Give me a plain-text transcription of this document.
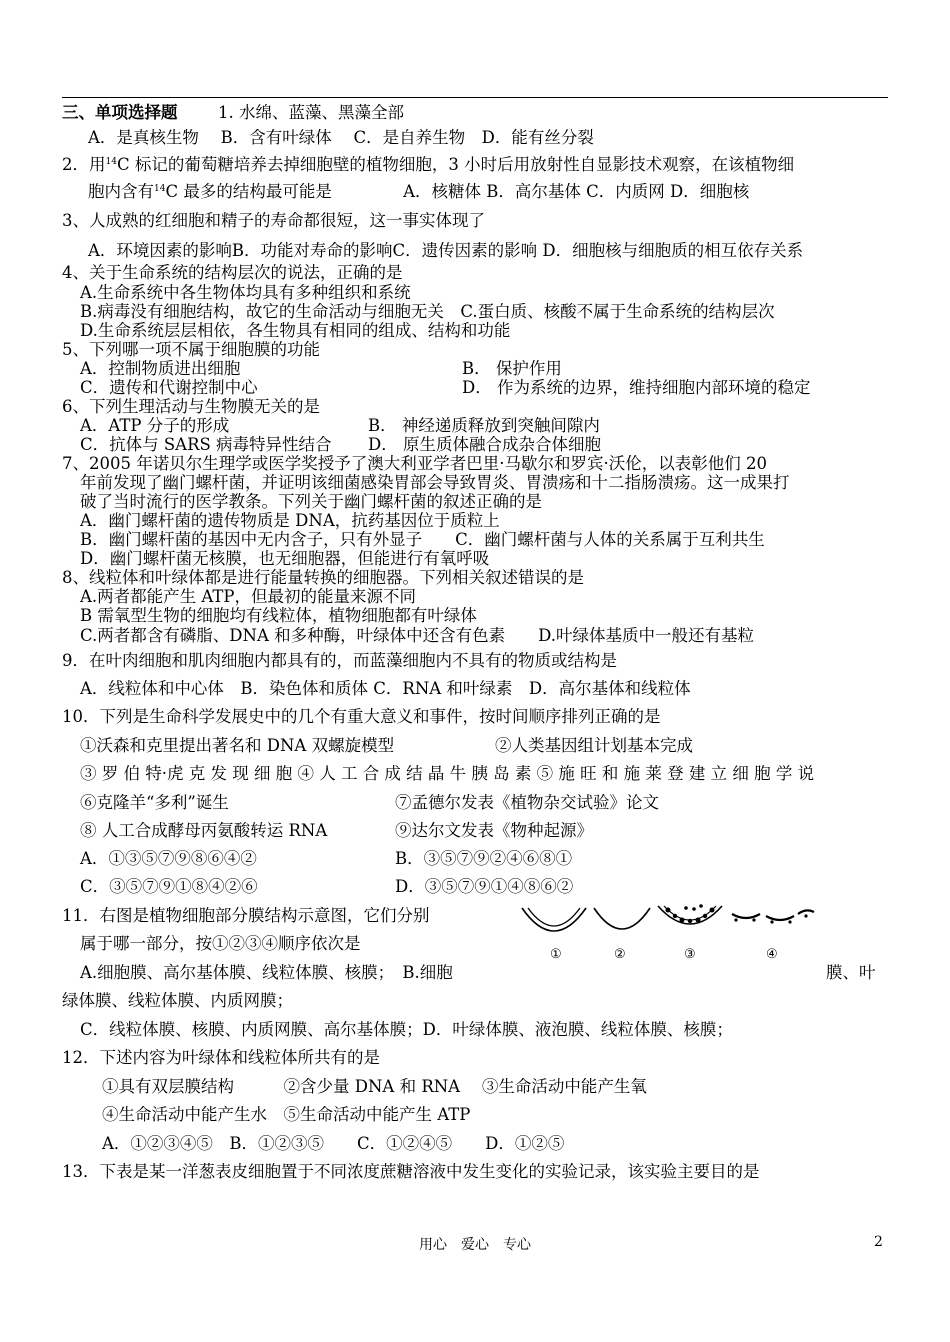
三、单项选择题 1. 水绵、蓝藻、黑藻全部
A．是真核生物　 B．含有叶绿体　 C．是自养生物　D．能有丝分裂
2．用$^{14}$C 标记的葡萄糖培养去掉细胞壁的植物细胞，3 小时后用放射性自显影技术观察，在该植物细
胞内含有$^{14}$C 最多的结构最可能是　　　　 A．核糖体 B．高尔基体 C．内质网 D．细胞核
3、人成熟的红细胞和精子的寿命都很短，这一事实体现了
A．环境因素的影响B．功能对寿命的影响C．遗传因素的影响 D．细胞核与细胞质的相互依存关系
4、关于生命系统的结构层次的说法，正确的是
A.生命系统中各生物体均具有多种组织和系统
B.病毒没有细胞结构，故它的生命活动与细胞无关　C.蛋白质、核酸不属于生命系统的结构层次
D.生命系统层层相依，各生物具有相同的组成、结构和功能
5、下列哪一项不属于细胞膜的功能
A．控制物质进出细胞	B． 保护作用
C．遗传和代谢控制中心	D． 作为系统的边界，维持细胞内部环境的稳定
6、下列生理活动与生物膜无关的是
A．ATP 分子的形成	B． 神经递质释放到突触间隙内
C．抗体与 SARS 病毒特异性结合 D． 原生质体融合成杂合体细胞
7、2005 年诺贝尔生理学或医学奖授予了澳大利亚学者巴里·马歇尔和罗宾·沃伦，以表彰他们 20
年前发现了幽门螺杆菌，并证明该细菌感染胃部会导致胃炎、胃溃疡和十二指肠溃疡。这一成果打
破了当时流行的医学教条。下列关于幽门螺杆菌的叙述正确的是
A．幽门螺杆菌的遗传物质是 DNA，抗药基因位于质粒上
B．幽门螺杆菌的基因中无内含子，只有外显子　　C．幽门螺杆菌与人体的关系属于互利共生
D．幽门螺杆菌无核膜，也无细胞器，但能进行有氧呼吸
8、线粒体和叶绿体都是进行能量转换的细胞器。下列相关叙述错误的是
A.两者都能产生 ATP，但最初的能量来源不同
B 需氧型生物的细胞均有线粒体，植物细胞都有叶绿体
C.两者都含有磷脂、DNA 和多种酶，叶绿体中还含有色素　　D.叶绿体基质中一般还有基粒
9．在叶肉细胞和肌肉细胞内都具有的，而蓝藻细胞内不具有的物质或结构是
A．线粒体和中心体　B．染色体和质体 C．RNA 和叶绿素　D．高尔基体和线粒体
10．下列是生命科学发展史中的几个有重大意义和事件，按时间顺序排列正确的是
①沃森和克里提出著名和 DNA 双螺旋模型	②人类基因组计划基本完成
③ 罗 伯 特·虎 克 发 现 细 胞 ④ 人 工 合 成 结 晶 牛 胰 岛 素 ⑤ 施 旺 和 施 莱 登 建 立 细 胞 学 说
⑥克隆羊“多利”诞生	⑦孟德尔发表《植物杂交试验》论文
⑧ 人工合成酵母丙氨酸转运 RNA	⑨达尔文发表《物种起源》
A．①③⑤⑦⑨⑧⑥④②	B．③⑤⑦⑨②④⑥⑧①
C．③⑤⑦⑨①⑧④②⑥	D．③⑤⑦⑨①④⑧⑥②
11．右图是植物细胞部分膜结构示意图，它们分别
属于哪一部分，按①②③④顺序依次是
A.细胞膜、高尔基体膜、线粒体膜、核膜；　B.细胞	膜、叶
绿体膜、线粒体膜、内质网膜；
C．线粒体膜、核膜、内质网膜、高尔基体膜；D．叶绿体膜、液泡膜、线粒体膜、核膜；
①	②	③	④
12．下述内容为叶绿体和线粒体所共有的是
①具有双层膜结构　　　②含少量 DNA 和 RNA　 ③生命活动中能产生氧
④生命活动中能产生水　⑤生命活动中能产生 ATP
A．①②③④⑤　B．①②③⑤　　C．①②④⑤　　D．①②⑤
13．下表是某一洋葱表皮细胞置于不同浓度蔗糖溶液中发生变化的实验记录，该实验主要目的是
用心　爱心　专心	2
